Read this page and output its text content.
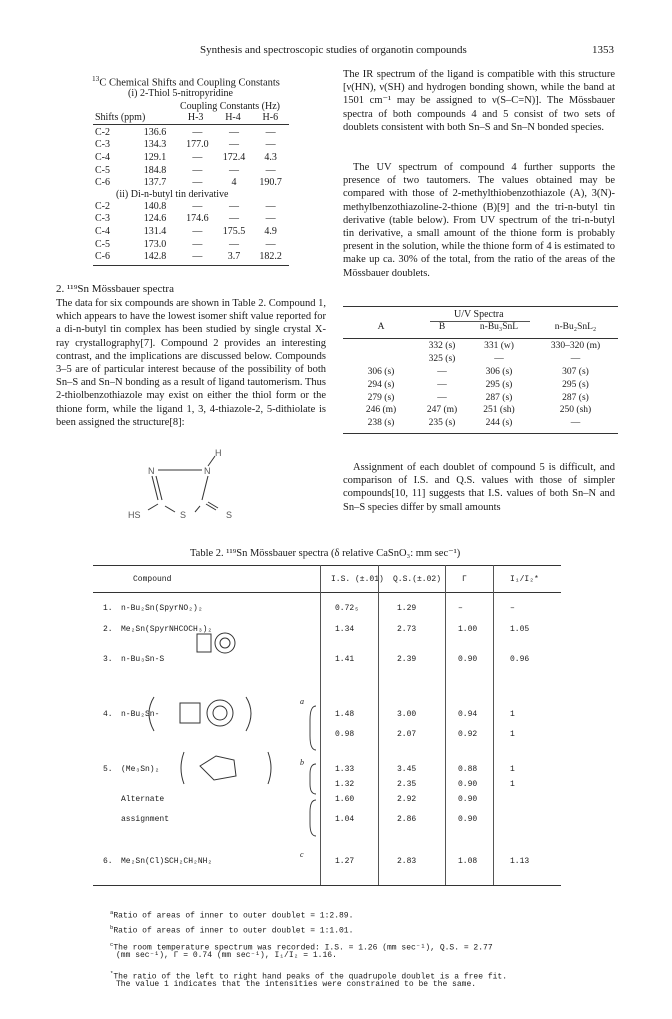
Synthesis and spectroscopic studies of organotin compounds	1353
$^{13}$C Chemical Shifts and Coupling Constants
(i) 2-Thiol 5-nitropyridine
Coupling Constants (Hz)
Shifts (ppm)	H-3	H-4	H-6
C-2	136.6	—	—	—
C-3	134.3	177.0	—	—
C-4	129.1	—	172.4	4.3
C-5	184.8	—	—	—
C-6	137.7	—	4	190.7
(ii) Di-n-butyl tin derivative
C-2	140.8	—	—	—
C-3	124.6	174.6	—	—
C-4	131.4	—	175.5	4.9
C-5	173.0	—	—	—
C-6	142.8	—	3.7	182.2
2. ¹¹⁹Sn Mössbauer spectra
The data for six compounds are shown in Table 2. Compound 1, which appears to have the lowest isomer shift value reported for a di-n-butyl tin complex has been studied by single crystal X-ray crystallography[7]. Compound 2 provides an interesting contrast, and the implications are discussed below. Compounds 3–5 are of particular interest because of the possibility of both Sn–S and Sn–N bonding as a result of ligand tautomerism. Thus 2-thiolbenzothiazole may exist on either the thiol form or the thione form, while the ligand 1, 3, 4-thiazole-2, 5-dithiolate is been assigned the structure[8]:
N	N
H
HS	S	S
The IR spectrum of the ligand is compatible with this structure [ν(HN), ν(SH) and hydrogen bonding shown, while the band at 1501 cm⁻¹ may be assigned to ν(S–C=N)]. The Mössbauer spectra of both compounds 4 and 5 consist of two sets of doublets consistent with both Sn–S and Sn–N bonded species.
The UV spectrum of compound 4 further supports the presence of two tautomers. The values obtained may be compared with those of 2-methylthiobenzothiazole (A), 3(N)-methylbenzothiazoline-2-thione (B)[9] and the tri-n-butyl tin derivative (table below). From UV spectrum of the tri-n-butyl tin derivative, a small amount of the thione form is probably present in the solution, while the thione form of 4 is estimated to make up ca. 30% of the total, from the ratio of the areas of the Mössbauer doublets.
U/V Spectra
A	B	n-Bu₃SnL	n-Bu₂SnL₂
	332 (s)	331 (w)	330–320 (m)
	325 (s)	—	—
306 (s)	—	306 (s)	307 (s)
294 (s)	—	295 (s)	295 (s)
279 (s)	—	287 (s)	287 (s)
246 (m)	247 (m)	251 (sh)	250 (sh)
238 (s)	235 (s)	244 (s)	—
Assignment of each doublet of compound 5 is difficult, and comparison of I.S. and Q.S. values with those of simpler compounds[10, 11] suggests that I.S. values of both Sn–N and Sn–S species differ by small amounts
Table 2. ¹¹⁹Sn Mössbauer spectra (δ relative CaSnO₃: mm sec⁻¹)
Compound	I.S. (±.01) Q.S.(±.02)	Γ	I₁/I₂*
1. n-Bu₂Sn(SpyrNO₂)₂	0.72₅	1.29	–	–
2. Me₂Sn(SpyrNHCOCH₃)₂	1.34	2.73	1.00	1.05
3. n-Bu₃Sn-S	1.41	2.39	0.90	0.96
4. n-Bu₂Sn-	1.48	3.00	0.94	1
0.98	2.07	0.92	1
5. (Me₃Sn)₂	1.33	3.45	0.88	1
1.32	2.35	0.90	1
Alternate	1.60	2.92	0.90
assignment	1.04	2.86	0.90
6. Me₂Sn(Cl)SCH₂CH₂NH₂	1.27	2.83	1.08	1.13
a
b
c
$^a$Ratio of areas of inner to outer doublet = 1:2.89.
$^b$Ratio of areas of inner to outer doublet = 1:1.01.
$^c$The room temperature spectrum was recorded: I.S. = 1.26 (mm sec⁻¹), Q.S. = 2.77
(mm sec⁻¹), Γ = 0.74 (mm sec⁻¹), I₁/I₂ = 1.16.
*The ratio of the left to right hand peaks of the quadrupole doublet is a free fit.
The value 1 indicates that the intensities were constrained to be the same.
